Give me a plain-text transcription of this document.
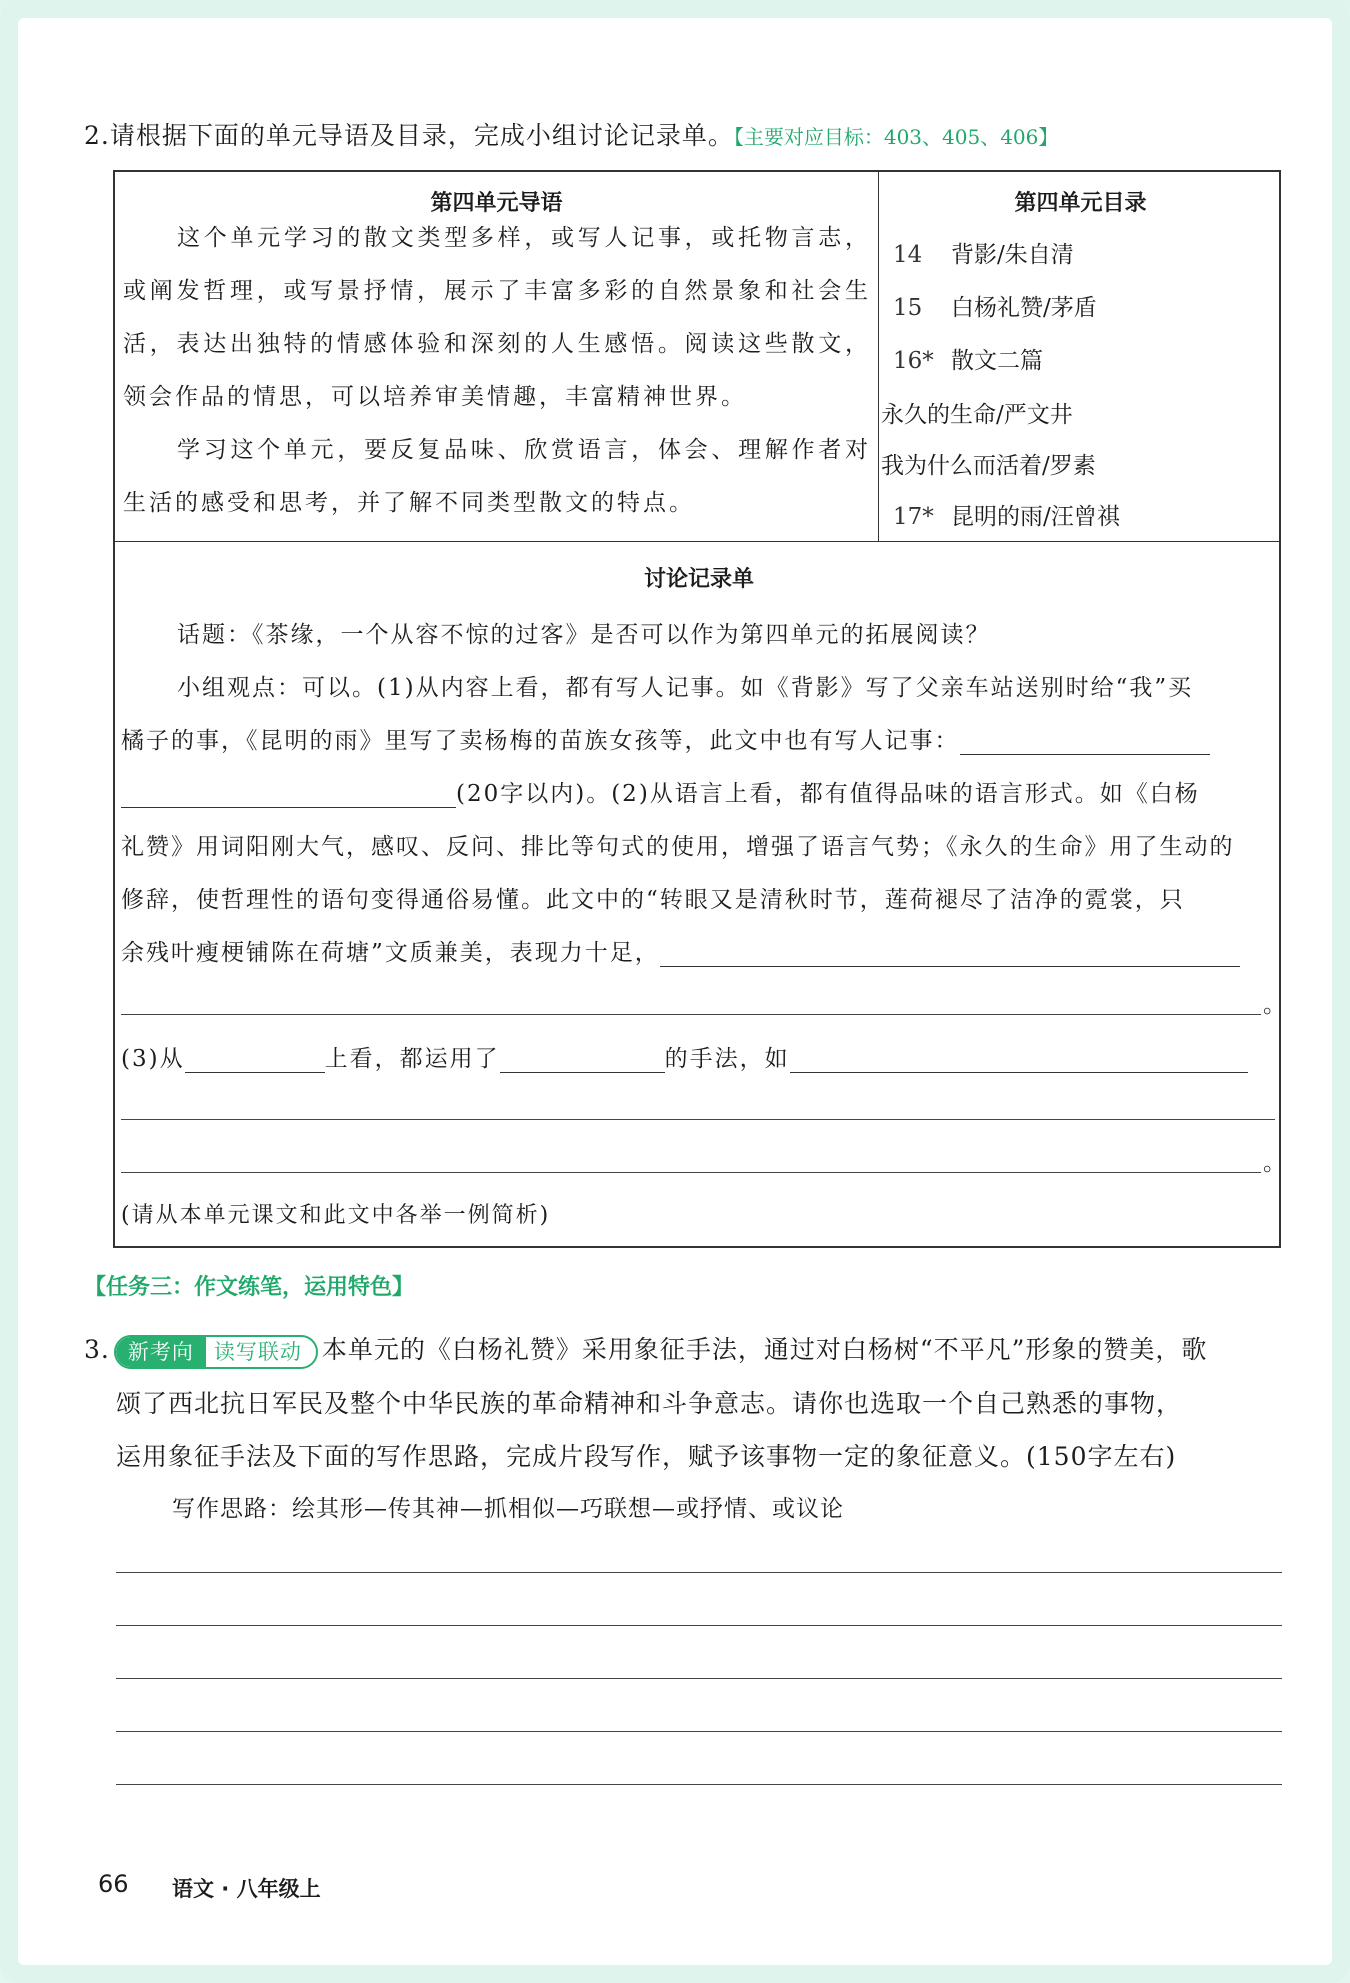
2.请根据下面的单元导语及目录，完成小组讨论记录单。【主要对应目标：403、405、406】
第四单元导语
这个单元学习的散文类型多样，或写人记事，或托物言志，或阐发哲理，或写景抒情，展示了丰富多彩的自然景象和社会生活，表达出独特的情感体验和深刻的人生感悟。阅读这些散文，领会作品的情思，可以培养审美情趣，丰富精神世界。
学习这个单元，要反复品味、欣赏语言，体会、理解作者对生活的感受和思考，并了解不同类型散文的特点。
第四单元目录
14 背影/朱自清
15 白杨礼赞/茅盾
16* 散文二篇
永久的生命/严文井
我为什么而活着/罗素
17* 昆明的雨/汪曾祺
讨论记录单
话题：《茶缘，一个从容不惊的过客》是否可以作为第四单元的拓展阅读？
小组观点：可以。(1)从内容上看，都有写人记事。如《背影》写了父亲车站送别时给“我”买
橘子的事，《昆明的雨》里写了卖杨梅的苗族女孩等，此文中也有写人记事：
(20字以内)。(2)从语言上看，都有值得品味的语言形式。如《白杨
礼赞》用词阳刚大气，感叹、反问、排比等句式的使用，增强了语言气势；《永久的生命》用了生动的
修辞，使哲理性的语句变得通俗易懂。此文中的“转眼又是清秋时节，莲荷褪尽了洁净的霓裳，只
余残叶瘦梗铺陈在荷塘”文质兼美，表现力十足，
。
(3)从	上看，都运用了	的手法，如
。
(请从本单元课文和此文中各举一例简析)
【任务三：作文练笔，运用特色】
3. 新考向 读写联动 本单元的《白杨礼赞》采用象征手法，通过对白杨树“不平凡”形象的赞美，歌
颂了西北抗日军民及整个中华民族的革命精神和斗争意志。请你也选取一个自己熟悉的事物，
运用象征手法及下面的写作思路，完成片段写作，赋予该事物一定的象征意义。(150字左右)
写作思路：绘其形—传其神—抓相似—巧联想—或抒情、或议论
66 语文 · 八年级上
